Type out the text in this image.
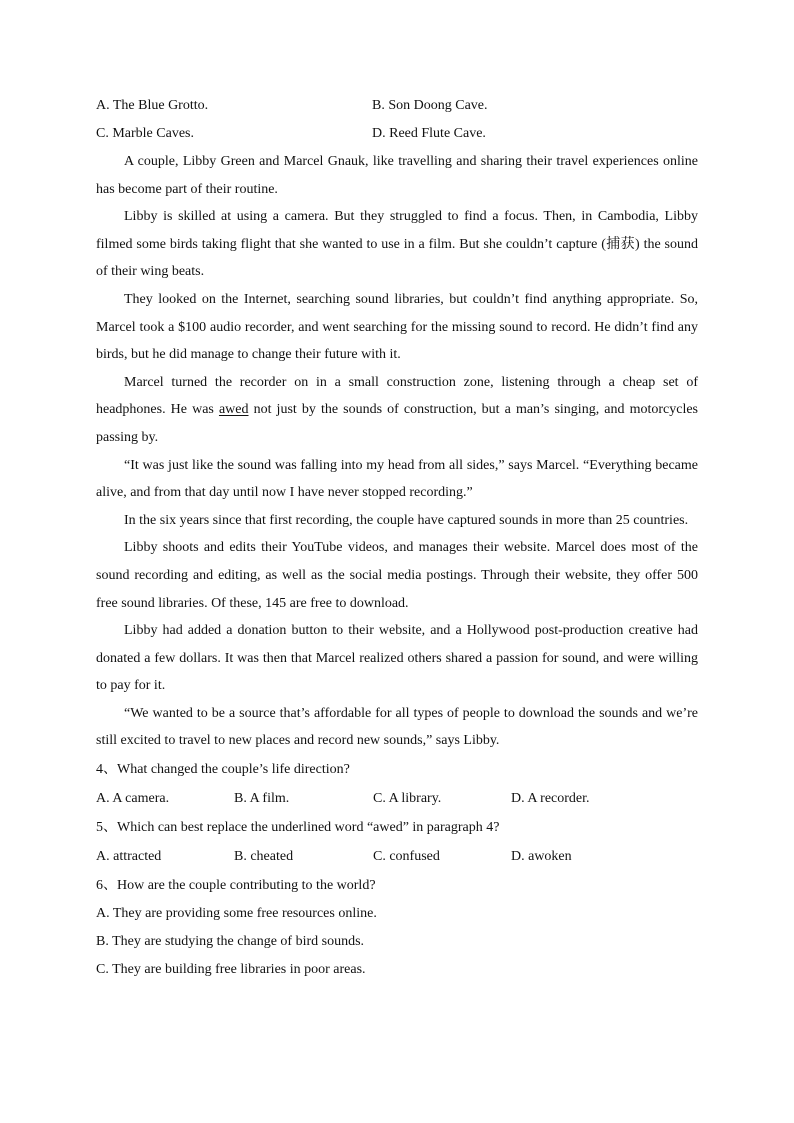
A. The Blue Grotto.	B. Son Doong Cave.
C. Marble Caves.	D. Reed Flute Cave.

A couple, Libby Green and Marcel Gnauk, like travelling and sharing their travel experiences online has become part of their routine.

Libby is skilled at using a camera. But they struggled to find a focus. Then, in Cambodia, Libby filmed some birds taking flight that she wanted to use in a film. But she couldn’t capture (捕获) the sound of their wing beats.

They looked on the Internet, searching sound libraries, but couldn’t find anything appropriate. So, Marcel took a $100 audio recorder, and went searching for the missing sound to record. He didn’t find any birds, but he did manage to change their future with it.

Marcel turned the recorder on in a small construction zone, listening through a cheap set of headphones. He was awed not just by the sounds of construction, but a man’s singing, and motorcycles passing by.

“It was just like the sound was falling into my head from all sides,” says Marcel. “Everything became alive, and from that day until now I have never stopped recording.”

In the six years since that first recording, the couple have captured sounds in more than 25 countries.

Libby shoots and edits their YouTube videos, and manages their website. Marcel does most of the sound recording and editing, as well as the social media postings. Through their website, they offer 500 free sound libraries. Of these, 145 are free to download.

Libby had added a donation button to their website, and a Hollywood post-production creative had donated a few dollars. It was then that Marcel realized others shared a passion for sound, and were willing to pay for it.

“We wanted to be a source that’s affordable for all types of people to download the sounds and we’re still excited to travel to new places and record new sounds,” says Libby.

4、What changed the couple’s life direction?

A. A camera.	B. A film.	C. A library.	D. A recorder.

5、Which can best replace the underlined word “awed” in paragraph 4?

A. attracted	B. cheated	C. confused	D. awoken

6、How are the couple contributing to the world?

A. They are providing some free resources online.

B. They are studying the change of bird sounds.

C. They are building free libraries in poor areas.
